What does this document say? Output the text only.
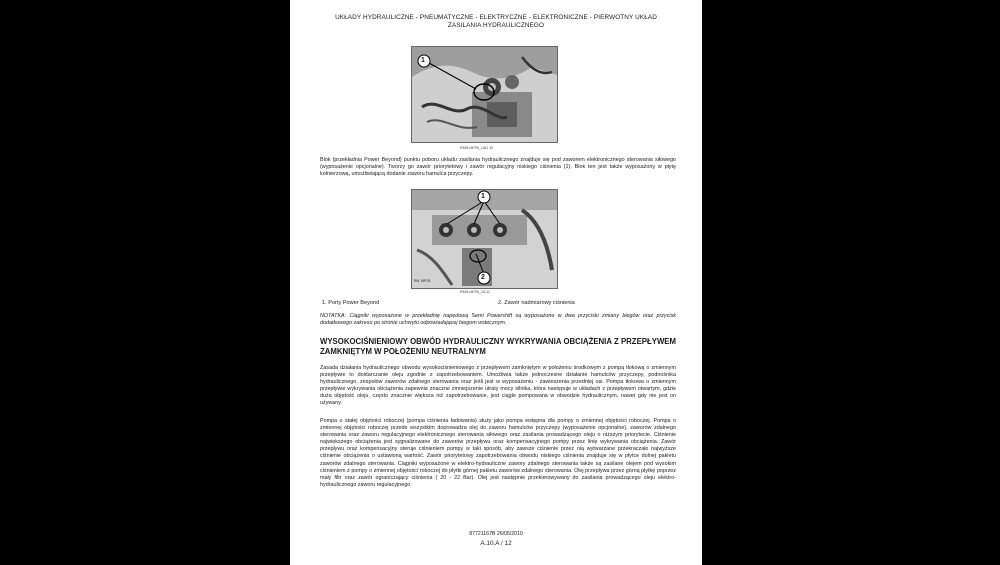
UKŁADY HYDRAULICZNE - PNEUMATYCZNE - ELEKTRYCZNE - ELEKTRONICZNE - PIERWOTNY UKŁAD
ZASILANIA HYDRAULICZNEGO
1
RMH14EPA_UA1 10

Blok (przekładnia Power Beyond) punktu poboru układu zasilania hydraulicznego znajduje się pod zaworem elektronicznego sterowania siłowego (wyposażenie opcjonalne). Tworzy go zawór priorytetowy i zawór regulacyjny niskiego ciśnienia (1). Blok ten jest także wyposażony w płytę kolnierzową, umożliwiającą dodanie zaworu hamulca przyczepy.

1
2
RH 19PJ5
RMH14EPA_1A 11
1. Porty Power Beyond	2. Zawór nadmiarowy ciśnienia

NOTATKA: Ciągniki wyposażone w przekładnię napędową Semi Powershift są wyposażone w dwa przyciski zmiany biegów oraz przycisk dodatkowego zakresu po stronie uchwytu odpowiadającej biegom wstecznym.

WYSOKOCIŚNIENIOWY OBWÓD HYDRAULICZNY WYKRYWANIA OBCIĄŻENIA Z PRZEPŁYWEM ZAMKNIĘTYM W POŁOŻENIU NEUTRALNYM

Zasada działania hydraulicznego obwodu wysokociśnieniowego z przepływem zamkniętym w położeniu środkowym z pompą tłokową o zmiennym przepływie to dostarczanie oleju zgodnie z zapotrzebowaniem. Umożliwia także jednoczesne działanie hamulców przyczepy, podnośnika hydraulicznego, zespołów zaworów zdalnego sterowania oraz jeśli jest w wyposażeniu - zawieszenia przedniej osi. Pompa tłokowa o zmiennym przepływie wykrywania obciążenia zapewnia znaczne zmniejszenie utraty mocy silnika, która następuje w układach z przepływem otwartym, gdzie duża objętość oleju, często znacznie większa niż zapotrzebowanie, jest ciągle pompowana w obwodzie hydraulicznym, nawet gdy nie jest on używany.

Pompa o stałej objętości roboczej (pompa ciśnienia ładowania) służy jako pompa wstępna dla pompy o zmiennej objętości roboczej. Pompa o zmiennej objętości roboczej przede wszystkim doprowadza olej do zaworu hamulców przyczepy (wyposażenie opcjonalne), zaworów zdalnego sterowania oraz zaworu regulacyjnego elektronicznego sterowania siłowego oraz zasilania prowadzącego oleju o niższym priorytecie. Ciśnienie największego obciążenia jest sygnalizowane do zaworów przepływu oraz kompensacyjnego pompy przez linię wykrywania obciążenia. Zawór przepływu oraz kompensacyjny steruje ciśnieniem pompy w taki sposób, aby zawsze ciśnienie przez nią wytwarzane przekraczało najwyższe ciśnienie obciążenia o ustawioną wartość. Zawór priorytetowy zapotrzebowania obwodu niskiego ciśnienia znajduje się w płytce dolnej pakietu zaworów zdalnego sterowania. Ciągniki wyposażone w elektro-hydrauliczne zawory zdalnego sterowania także są zasilane olejem pod wysokim ciśnieniem z pompy o zmiennej objętości roboczej do płytki górnej pakietu zaworów zdalnego sterowania. Olej przepływa przez górną płytkę poprzez mały filtr oraz zawór ograniczający ciśnienia ( 20 - 22 Bar). Olej jest następnie przekierowywany do zasilania prowadzącego oleju elektro-hydraulicznego zaworu regulacyjnego.

87721167B 26/05/2010
A.10.A / 12
